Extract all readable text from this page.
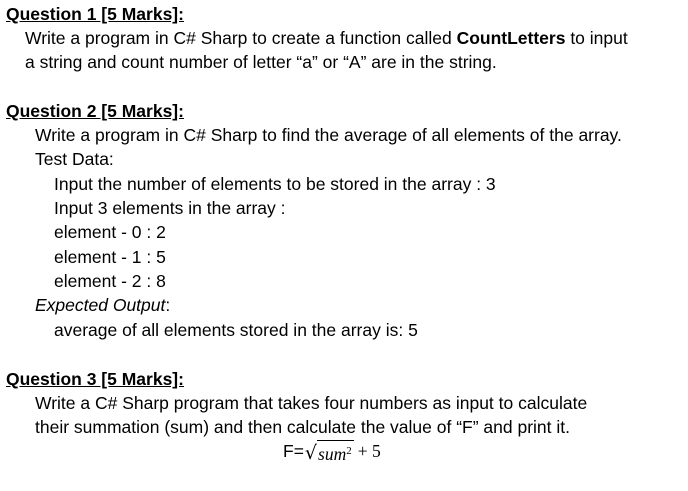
Question 1 [5 Marks]:
Write a program in C# Sharp to create a function called CountLetters to input
a string and count number of letter “a” or “A” are in the string.
Question 2 [5 Marks]:
Write a program in C# Sharp to find the average of all elements of the array.
Test Data:
Input the number of elements to be stored in the array : 3
Input 3 elements in the array :
element - 0 : 2
element - 1 : 5
element - 2 : 8
Expected Output:
average of all elements stored in the array is: 5
Question 3 [5 Marks]:
Write a C# Sharp program that takes four numbers as input to calculate
their summation (sum) and then calculate the value of “F” and print it.
F= √ sum$^2$ + 5
